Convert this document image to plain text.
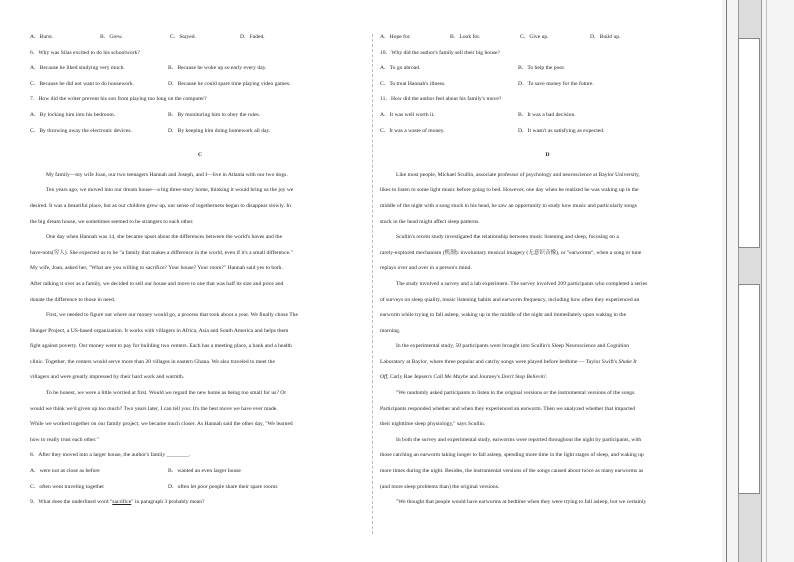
A．Burst.	B．Grew.	C．Stayed.	D．Faded.
6．Why was Silas excited to do his schoolwork?
A．Because he liked studying very much.	B．Because he woke up so early every day.
C．Because he did not want to do housework.	D．Because he could spare time playing video games.
7．How did the writer prevent his son from playing too long on the computer?
A．By locking him into his bedroom.	B．By monitoring him to obey the rules.
C．By throwing away the electronic devices.	D．By keeping him doing homework all day.
C
My family—my wife Joan, our two teenagers Hannah and Joseph, and I—live in Atlanta with our two dogs.
Ten years ago, we moved into our dream house—a big three-story home, thinking it would bring us the joy we
desired. It was a beautiful place, but as our children grew up, our sense of togetherness began to disappear slowly. In
the big dream house, we sometimes seemed to be strangers to each other.
One day when Hannah was 14, she became upset about the differences between the world's haves and the
have-nots(穷人). She expected us to be "a family that makes a difference in the world, even if it's a small difference."
My wife, Joan, asked her, "What are you willing to sacrifice? Your house? Your room?" Hannah said yes to both.
After talking it over as a family, we decided to sell our house and move to one that was half its size and price and
donate the difference to those in need.
First, we needed to figure out where our money would go, a process that took about a year. We finally chose The
Hunger Project, a US-based organization. It works with villagers in Africa, Asia and South America and helps them
fight against poverty. Our money went to pay for building two centers. Each has a meeting place, a bank and a health
clinic. Together, the centers would serve more than 20 villages in eastern Ghana. We also traveled to meet the
villagers and were greatly impressed by their hard work and warmth.
To be honest, we were a little worried at first. Would we regard the new home as being too small for us? Or
would we think we'd given up too much? Two years later, I can tell you: It's the best move we have ever made.
While we worked together on our family project, we became much closer. As Hannah said the other day, "We learned
how to really trust each other."
8．After they moved into a larger house, the author's family ________.
A．were not as close as before	B．wanted an even larger house
C．often went traveling together	D．often let poor people share their spare rooms
9．What does the underlined word "sacrifice" in paragraph 3 probably mean?
A．Hope for.	B．Look for.	C．Give up.	D．Build up.
10．Why did the author's family sell their big house?
A．To go abroad.	B．To help the poor.
C．To treat Hannah's illness.	D．To save money for the future.
11．How did the author feel about his family's move?
A．It was well worth it.	B．It was a bad decision.
C．It was a waste of money.	D．It wasn't as satisfying as expected.
D
Like most people, Michael Scullin, associate professor of psychology and neuroscience at Baylor University,
likes to listen to some light music before going to bed. However, one day when he realized he was waking up in the
middle of the night with a song stuck in his head, he saw an opportunity to study how music and particularly songs
stuck in the head might affect sleep patterns.
Scullin's recent study investigated the relationship between music listening and sleep, focusing on a
rarely-explored mechanism (机制): involuntary musical imagery (无意识音像), or "earworms", when a song or tune
replays over and over in a person's mind.
The study involved a survey and a lab experiment. The survey involved 209 participants who completed a series
of surveys on sleep quality, music listening habits and earworm frequency, including how often they experienced an
earworm while trying to fall asleep, waking up in the middle of the night and immediately upon waking in the
morning.
In the experimental study, 50 participants were brought into Scullin's Sleep Neuroscience and Cognition
Laboratory at Baylor, where three popular and catchy songs were played before bedtime — Taylor Swift's Shake It
Off, Carly Rae Jepsen's Call Me Maybe and Journey's Don't Stop Believin'.
"We randomly asked participants to listen to the original versions or the instrumental versions of the songs.
Participants responded whether and when they experienced an earworm. Then we analyzed whether that impacted
their nighttime sleep physiology," says Scullin.
In both the survey and experimental study, earworms were reported throughout the night by participants, with
those catching an earworm taking longer to fall asleep, spending more time in the light stages of sleep, and waking up
more times during the night. Besides, the instrumental versions of the songs caused about twice as many earworms as
(and more sleep problems than) the original versions.
"We thought that people would have earworms at bedtime when they were trying to fall asleep, but we certainly
